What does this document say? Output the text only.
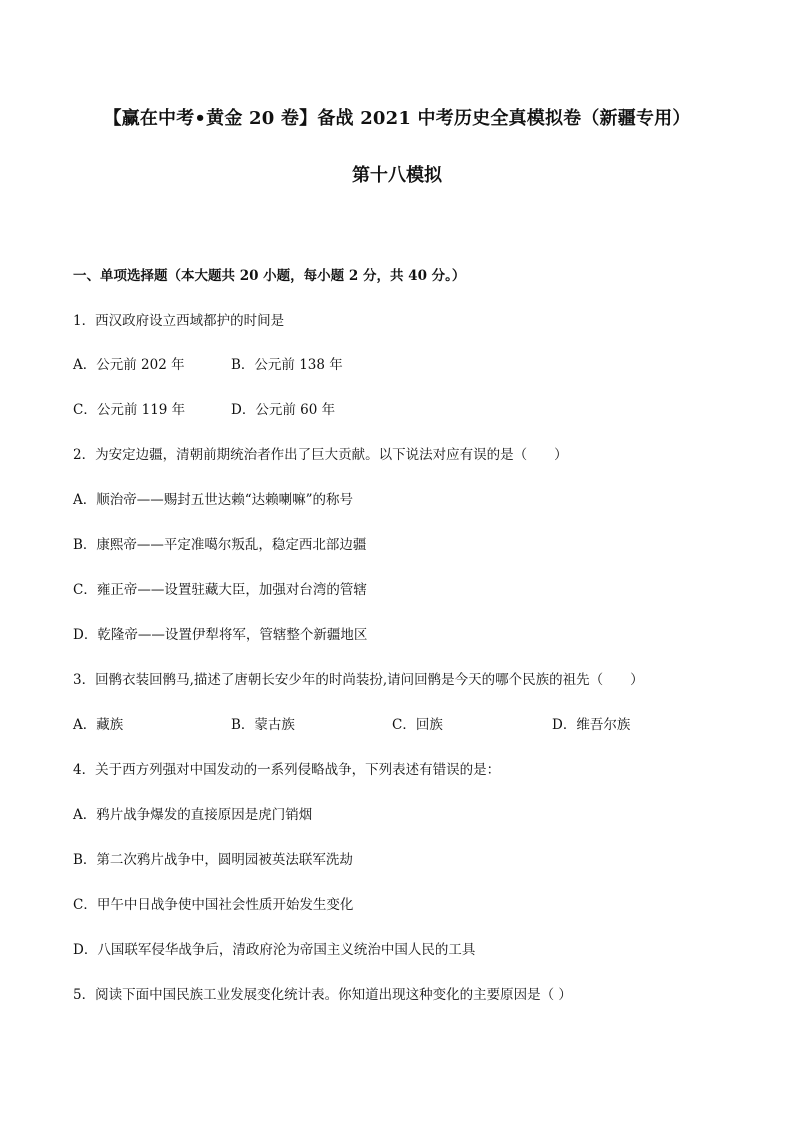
【赢在中考•黄金 20 卷】备战 2021 中考历史全真模拟卷（新疆专用）
第十八模拟
一、单项选择题（本大题共 20 小题，每小题 2 分，共 40 分。）
1．西汉政府设立西域都护的时间是
A．公元前 202 年	B．公元前 138 年
C．公元前 119 年	D．公元前 60 年
2．为安定边疆，清朝前期统治者作出了巨大贡献。以下说法对应有误的是（　　）
A．顺治帝——赐封五世达赖“达赖喇嘛”的称号
B．康熙帝——平定准噶尔叛乱，稳定西北部边疆
C．雍正帝——设置驻藏大臣，加强对台湾的管辖
D．乾隆帝——设置伊犁将军，管辖整个新疆地区
3．回鹘衣装回鹘马,描述了唐朝长安少年的时尚装扮,请问回鹘是今天的哪个民族的祖先（　　）
A．藏族	B．蒙古族	C．回族	D．维吾尔族
4．关于西方列强对中国发动的一系列侵略战争，下列表述有错误的是：
A．鸦片战争爆发的直接原因是虎门销烟
B．第二次鸦片战争中，圆明园被英法联军洗劫
C．甲午中日战争使中国社会性质开始发生变化
D．八国联军侵华战争后，清政府沦为帝国主义统治中国人民的工具
5．阅读下面中国民族工业发展变化统计表。你知道出现这种变化的主要原因是（ ）
